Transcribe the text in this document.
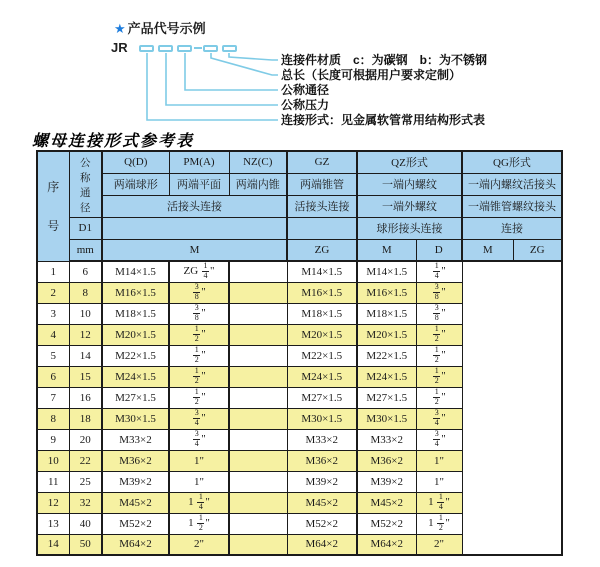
★ 产品代号示例
JR
连接件材质　c：为碳钢　b：为不锈钢
总长（长度可根据用户要求定制）
公称通径
公称压力
连接形式：见金属软管常用结构形式表
螺母连接形式参考表
序
号	公
称
通
径	Q(D)	PM(A)	NZ(C)	GZ	QZ形式		QG形式	
		两端球形	两端平面	两端内锥	两端锥管	一端内螺纹		一端内螺纹活接头	
		活接头连接			活接头连接	一端外螺纹		一端锥管螺纹接头	
	D1					球形接头连接		连接	
	mm	M			ZG	M	D	M	ZG
1	6	M14×1.5	ZG $\frac{1}{4}$ "		M14×1.5	M14×1.5	$\frac{1}{4}$ "		
2	8	M16×1.5	$\frac{3}{8}$ "		M16×1.5	M16×1.5	$\frac{3}{8}$ "		
3	10	M18×1.5	$\frac{3}{8}$ "		M18×1.5	M18×1.5	$\frac{3}{8}$ "		
4	12	M20×1.5	$\frac{1}{2}$ "		M20×1.5	M20×1.5	$\frac{1}{2}$ "		
5	14	M22×1.5	$\frac{1}{2}$ "		M22×1.5	M22×1.5	$\frac{1}{2}$ "		
6	15	M24×1.5	$\frac{1}{2}$ "		M24×1.5	M24×1.5	$\frac{1}{2}$ "		
7	16	M27×1.5	$\frac{1}{2}$ "		M27×1.5	M27×1.5	$\frac{1}{2}$ "		
8	18	M30×1.5	$\frac{3}{4}$ "		M30×1.5	M30×1.5	$\frac{3}{4}$ "		
9	20	M33×2	$\frac{3}{4}$ "		M33×2	M33×2	$\frac{3}{4}$ "		
10	22	M36×2	1"		M36×2	M36×2	1"		
11	25	M39×2	1"		M39×2	M39×2	1"		
12	32	M45×2	$1 \frac{1}{4}$ "		M45×2	M45×2	$1 \frac{1}{4}$ "		
13	40	M52×2	$1 \frac{1}{2}$ "		M52×2	M52×2	$1 \frac{1}{2}$ "		
14	50	M64×2	2"		M64×2	M64×2	2"		
